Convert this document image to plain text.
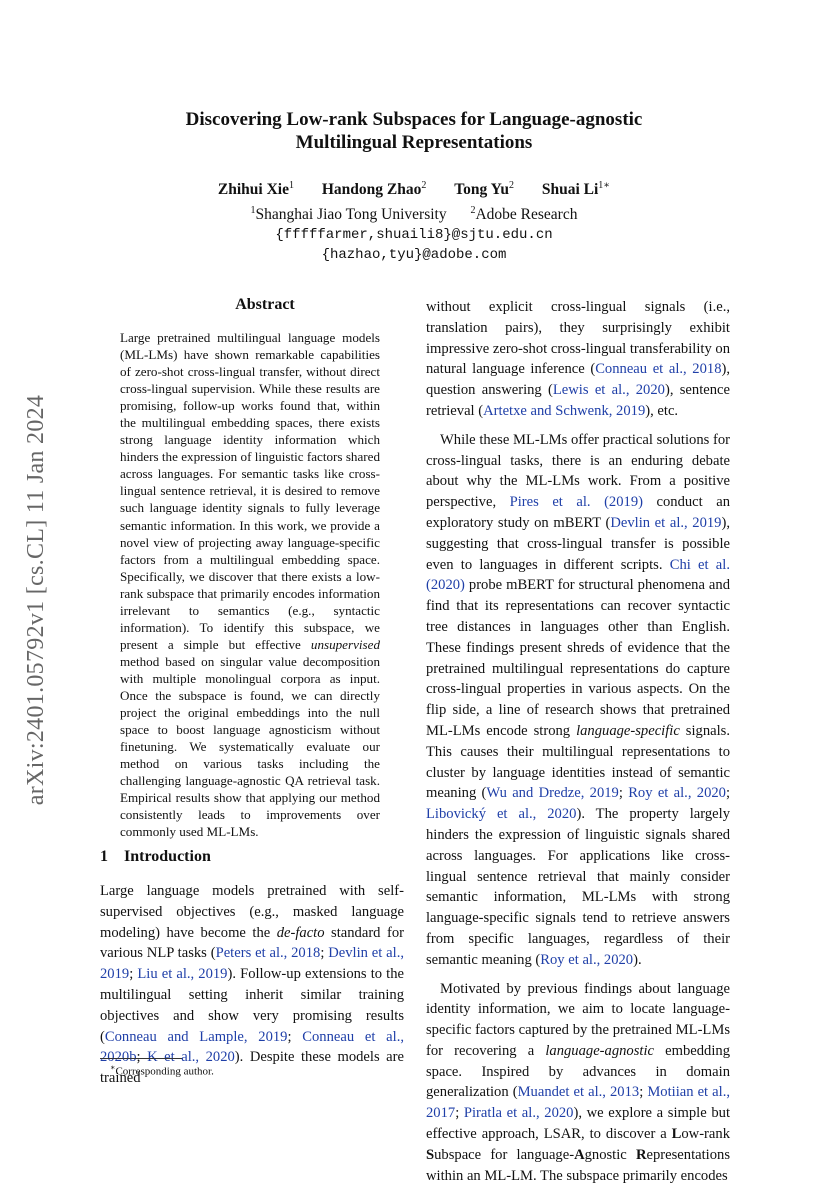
arXiv:2401.05792v1 [cs.CL] 11 Jan 2024
Discovering Low-rank Subspaces for Language-agnostic
Multilingual Representations
Zhihui Xie$^1$ Handong Zhao$^2$ Tong Yu$^2$ Shuai $Li^{1∗}$
$^1$Shanghai Jiao Tong University $^2$Adobe Research
{fffffarmer,shuaili8}@sjtu.edu.cn
{hazhao,tyu}@adobe.com
Abstract
Large pretrained multilingual language models (ML-LMs) have shown remarkable capabilities of zero-shot cross-lingual transfer, without direct cross-lingual supervision. While these results are promising, follow-up works found that, within the multilingual embedding spaces, there exists strong language identity information which hinders the expression of linguistic factors shared across languages. For semantic tasks like cross-lingual sentence retrieval, it is desired to remove such language identity signals to fully leverage semantic information. In this work, we provide a novel view of projecting away language-specific factors from a multilingual embedding space. Specifically, we discover that there exists a low-rank subspace that primarily encodes information irrelevant to semantics (e.g., syntactic information). To identify this subspace, we present a simple but effective unsupervised method based on singular value decomposition with multiple monolingual corpora as input. Once the subspace is found, we can directly project the original embeddings into the null space to boost language agnosticism without finetuning. We systematically evaluate our method on various tasks including the challenging language-agnostic QA retrieval task. Empirical results show that applying our method consistently leads to improvements over commonly used ML-LMs.
1 Introduction

Large language models pretrained with self-supervised objectives (e.g., masked language modeling) have become the de-facto standard for various NLP tasks (Peters et al., 2018; Devlin et al., 2019; Liu et al., 2019). Follow-up extensions to the multilingual setting inherit similar training objectives and show very promising results (Conneau and Lample, 2019; Conneau et al., 2020b; K et al., 2020). Despite these models are trained

without explicit cross-lingual signals (i.e., translation pairs), they surprisingly exhibit impressive zero-shot cross-lingual transferability on natural language inference (Conneau et al., 2018), question answering (Lewis et al., 2020), sentence retrieval (Artetxe and Schwenk, 2019), etc.

While these ML-LMs offer practical solutions for cross-lingual tasks, there is an enduring debate about why the ML-LMs work. From a positive perspective, Pires et al. (2019) conduct an exploratory study on mBERT (Devlin et al., 2019), suggesting that cross-lingual transfer is possible even to languages in different scripts. Chi et al. (2020) probe mBERT for structural phenomena and find that its representations can recover syntactic tree distances in languages other than English. These findings present shreds of evidence that the pretrained multilingual representations do capture cross-lingual properties in various aspects. On the flip side, a line of research shows that pretrained ML-LMs encode strong language-specific signals. This causes their multilingual representations to cluster by language identities instead of semantic meaning (Wu and Dredze, 2019; Roy et al., 2020; Libovický et al., 2020). The property largely hinders the expression of linguistic signals shared across languages. For applications like cross-lingual sentence retrieval that mainly consider semantic information, ML-LMs with strong language-specific signals tend to retrieve answers from specific languages, regardless of their semantic meaning (Roy et al., 2020).

Motivated by previous findings about language identity information, we aim to locate language-specific factors captured by the pretrained ML-LMs for recovering a language-agnostic embedding space. Inspired by advances in domain generalization (Muandet et al., 2013; Motiian et al., 2017; Piratla et al., 2020), we explore a simple but effective approach, LSAR, to discover a Low-rank Subspace for language-Agnostic Representations within an ML-LM. The subspace primarily encodes

∗Corresponding author.
